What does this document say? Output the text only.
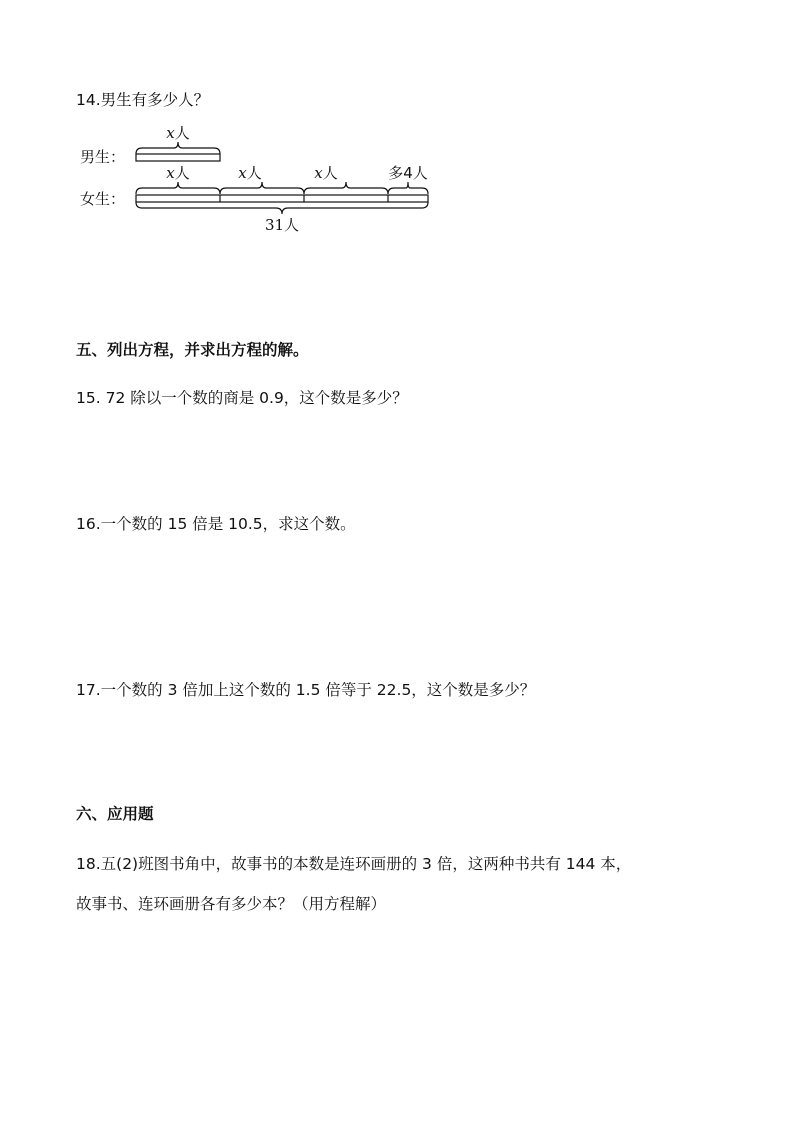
14.男生有多少人？
x人
男生：
x人	x人	x人	多4人
女生：
31人
五、列出方程，并求出方程的解。
15. 72 除以一个数的商是 0.9，这个数是多少？
16.一个数的 15 倍是 10.5，求这个数。
17.一个数的 3 倍加上这个数的 1.5 倍等于 22.5，这个数是多少？
六、应用题
18.五(2)班图书角中，故事书的本数是连环画册的 3 倍，这两种书共有 144 本，
故事书、连环画册各有多少本？（用方程解）
